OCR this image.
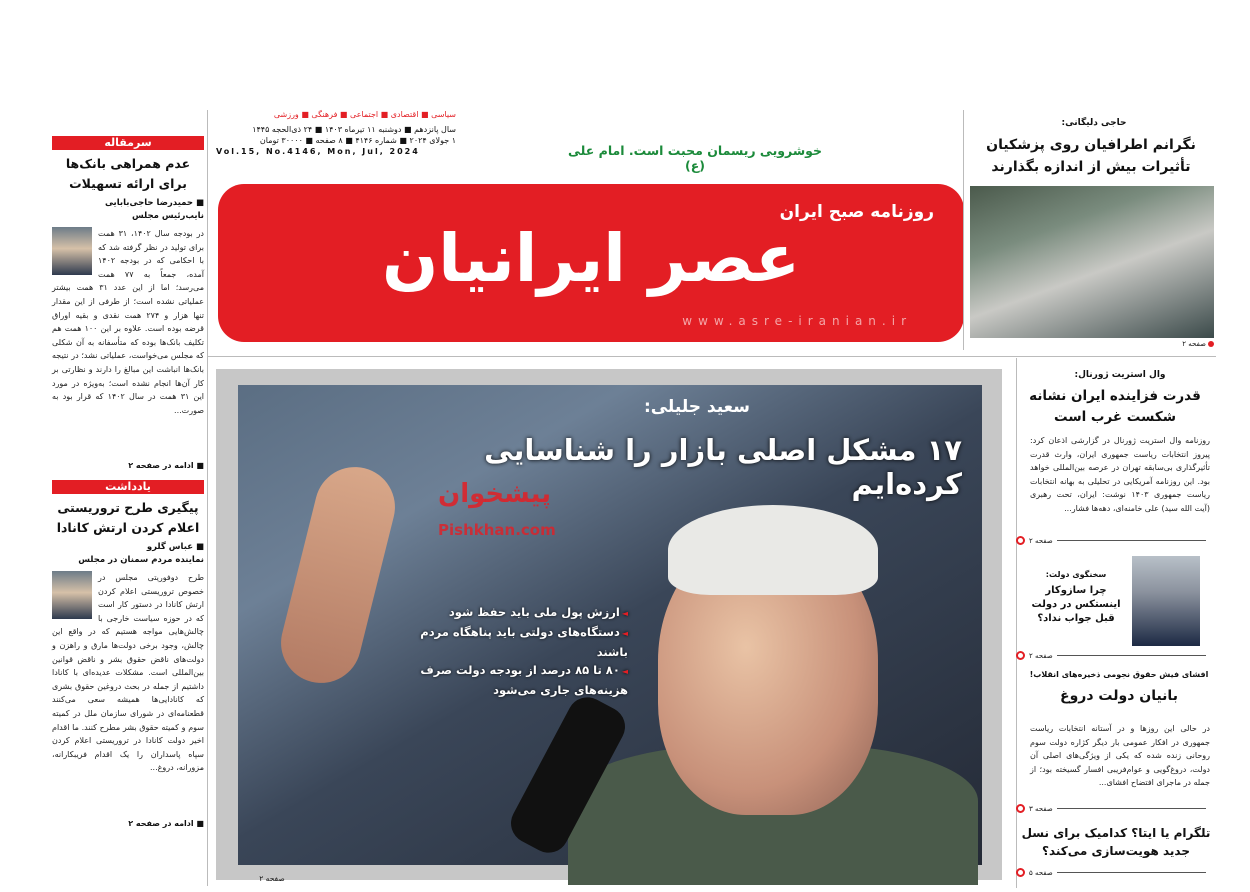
سرمقاله
عدم همراهی بانک‌ها برای ارائه تسهیلات
■ حمیدرضا حاجی‌بابایی
نایب‌رئیس مجلس
در بودجه سال ۱۴۰۲، ۳۱ همت برای تولید در نظر گرفته شد که با احکامی که در بودجه ۱۴۰۲ آمده، جمعاً به ۷۷ همت می‌رسد؛ اما از این عدد ۳۱ همت بیشتر عملیاتی نشده است؛ از طرفی از این مقدار تنها هزار و ۲۷۴ همت نقدی و بقیه اوراق قرضه بوده است. علاوه بر این ۱۰۰ همت هم تکلیف بانک‌ها بوده که متأسفانه به آن شکلی که مجلس می‌خواست، عملیاتی نشد؛ در نتیجه بانک‌ها انباشت این مبالغ را دارند و نظارتی بر کار آن‌ها انجام نشده است؛ به‌ویژه در مورد این ۳۱ همت در سال ۱۴۰۲ که قرار بود به صورت...
■ ادامه در صفحه ۲
یادداشت
پیگیری طرح تروریستی اعلام کردن ارتش کانادا
■ عباس گلرو
نماینده مردم سمنان در مجلس
طرح دوفوریتی مجلس در خصوص تروریستی اعلام کردن ارتش کانادا در دستور کار است که در حوزه سیاست خارجی با چالش‌هایی مواجه هستیم که در واقع این چالش، وجود برخی دولت‌ها مارق و راهزن و دولت‌های ناقض حقوق بشر و ناقض قوانین بین‌المللی است. مشکلات عدیده‌ای با کانادا داشتیم از جمله در بحث دروغین حقوق بشری که کانادایی‌ها همیشه سعی می‌کنند قطعنامه‌ای در شورای سازمان ملل در کمیته سوم و کمیته حقوق بشر مطرح کنند. ما اقدام اخیر دولت کانادا در تروریستی اعلام کردن سپاه پاسداران را یک اقدام فریبکارانه، مزورانه، دروغ...
■ ادامه در صفحه ۲
سیاسی ■ اقتصادی ■ اجتماعی ■ فرهنگی ■ ورزشی
سال پانزدهم ■ دوشنبه ۱۱ تیرماه ۱۴۰۳ ■ ۲۴ ذی‌الحجه ۱۴۴۵
۱ جولای ۲۰۲۴ ■ شماره ۴۱۴۶ ■ ۸ صفحه ■ ۳۰۰۰۰ تومان
Vol.15, No.4146, Mon, Jul, 2024	خوشرویی ریسمان محبت است. امام علی (ع)
روزنامه صبح ایران
عصر ایرانیان
www.asre-iranian.ir
حاجی دلیگانی:
نگرانم اطرافیان روی پزشکیان تأثیرات بیش از اندازه بگذارند
صفحه ۲
سعید جلیلی:
۱۷ مشکل اصلی بازار را شناسایی کرده‌ایم
پیشخوان
Pishkhan.com
◄ ارزش پول ملی باید حفظ شود
◄ دستگاه‌های دولتی باید پناهگاه مردم باشند
◄ ۸۰ تا ۸۵ درصد از بودجه دولت صرف هزینه‌های جاری می‌شود
صفحه ۲
وال استریت ژورنال:
قدرت فزاینده ایران نشانه شکست غرب است
روزنامه وال استریت ژورنال در گزارشی اذعان کرد: پیروز انتخابات ریاست جمهوری ایران، وارث قدرت تأثیرگذاری بی‌سابقه تهران در عرصه بین‌المللی خواهد بود. این روزنامه آمریکایی در تحلیلی به بهانه انتخابات ریاست جمهوری ۱۴۰۳ نوشت: ایران، تحت رهبری (آیت الله سید) علی خامنه‌ای، دهه‌ها فشار...
صفحه ۲
سخنگوی دولت:
چرا سازوکار اینستکس در دولت قبل جواب نداد؟
صفحه ۲
افشای فیش حقوق نجومی ذخیره‌های انقلاب!
بانیان دولت دروغ
در حالی این روزها و در آستانه انتخابات ریاست جمهوری در افکار عمومی بار دیگر کژاره دولت سوم روحانی زنده شده که یکی از ویژگی‌های اصلی آن دولت، دروغ‌گویی و عوام‌فریبی افسار گسیخته بود؛ از جمله در ماجرای افتضاح افشای...
صفحه ۳
تلگرام یا ایتا؟ کدامیک برای نسل جدید هویت‌سازی می‌کند؟
صفحه ۵
